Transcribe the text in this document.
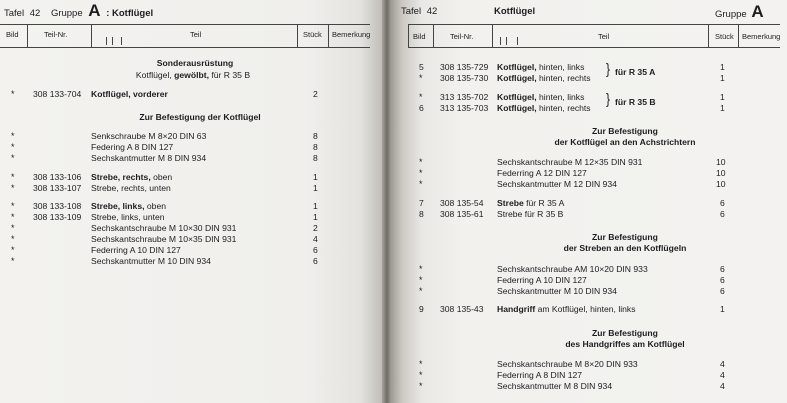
Tafel 42 Gruppe A : Kotflügel
Bild	Teil-Nr.	Teil	Stück Bemerkung
Sonderausrüstung
Kotflügel, gewölbt, für R 35 B
* 308 133-704 Kotflügel, vorderer	2
Zur Befestigung der Kotflügel
*	Senkschraube M 8×20 DIN 63	8
*	Federing A 8 DIN 127	8
*	Sechskantmutter M 8 DIN 934	8
* 308 133-106 Strebe, rechts, oben	1
* 308 133-107 Strebe, rechts, unten	1
* 308 133-108 Strebe, links, oben	1
* 308 133-109 Strebe, links, unten	1
*	Sechskantschraube M 10×30 DIN 931	2
*	Sechskantschraube M 10×35 DIN 931	4
*	Federring A 10 DIN 127	6
*	Sechskantmutter M 10 DIN 934	6
Tafel 42	Kotflügel	Gruppe A
Bild	Teil-Nr.	Teil	Stück Bemerkung
5 308 135-729 Kotflügel, hinten, links	1
* 308 135-730 Kotflügel, hinten, rechts	1
} für R 35 A
* 313 135-702 Kotflügel, hinten, links	1
6 313 135-703 Kotflügel, hinten, rechts	1
} für R 35 B
Zur Befestigung
der Kotflügel an den Achstrichtern
*	Sechskantschraube M 12×35 DIN 931	10
*	Federring A 12 DIN 127	10
*	Sechskantmutter M 12 DIN 934	10
7 308 135-54 Strebe für R 35 A	6
8 308 135-61 Strebe für R 35 B	6
Zur Befestigung
der Streben an den Kotflügeln
*	Sechskantschraube AM 10×20 DIN 933	6
*	Federring A 10 DIN 127	6
*	Sechskantmutter M 10 DIN 934	6
9 308 135-43 Handgriff am Kotflügel, hinten, links	1
Zur Befestigung
des Handgriffes am Kotflügel
*	Sechskantschraube M 8×20 DIN 933	4
*	Federring A 8 DIN 127	4
*	Sechskantmutter M 8 DIN 934	4
